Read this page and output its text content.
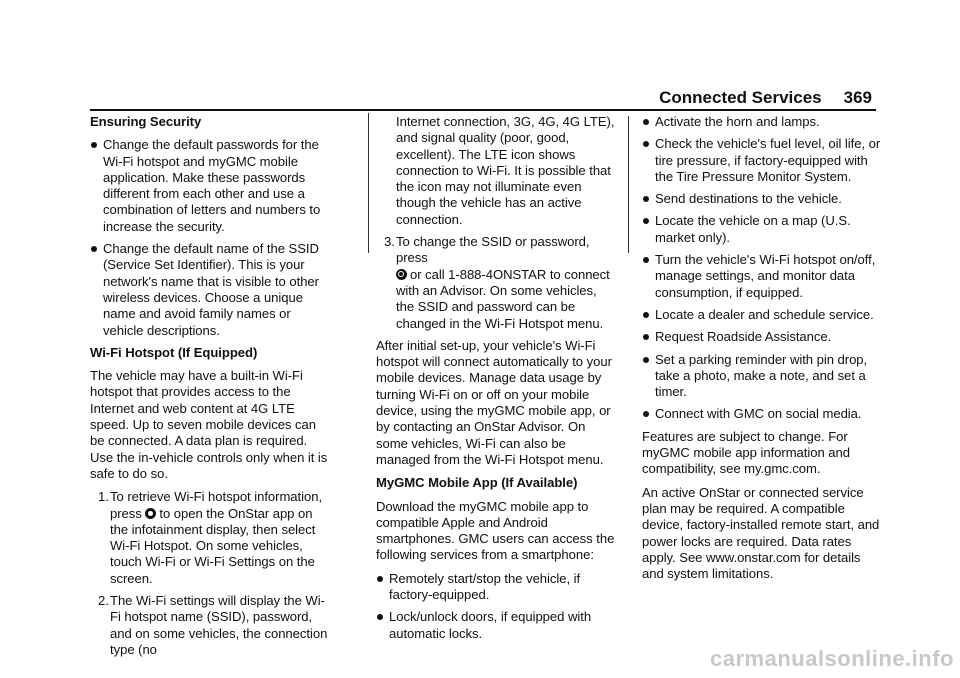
Connected Services 369
Ensuring Security
Change the default passwords for the Wi-Fi hotspot and myGMC mobile application. Make these passwords different from each other and use a combination of letters and numbers to increase the security.
Change the default name of the SSID (Service Set Identifier). This is your network's name that is visible to other wireless devices. Choose a unique name and avoid family names or vehicle descriptions.
Wi-Fi Hotspot (If Equipped)

The vehicle may have a built-in Wi-Fi hotspot that provides access to the Internet and web content at 4G LTE speed. Up to seven mobile devices can be connected. A data plan is required. Use the in-vehicle controls only when it is safe to do so.

1. To retrieve Wi-Fi hotspot information,
press to open the OnStar app on the infotainment display, then select Wi-Fi Hotspot. On some vehicles, touch Wi-Fi or Wi-Fi Settings on the screen.
2. The Wi-Fi settings will display the Wi-Fi hotspot name (SSID), password, and on some vehicles, the connection type (no
Internet connection, 3G, 4G, 4G LTE), and signal quality (poor, good, excellent). The LTE icon shows connection to Wi-Fi. It is possible that the icon may not illuminate even though the vehicle has an active connection.
3. To change the SSID or password, press
or call 1-888-4ONSTAR to connect with an Advisor. On some vehicles, the SSID and password can be changed in the Wi-Fi Hotspot menu.

After initial set-up, your vehicle's Wi-Fi hotspot will connect automatically to your mobile devices. Manage data usage by turning Wi-Fi on or off on your mobile device, using the myGMC mobile app, or by contacting an OnStar Advisor. On some vehicles, Wi-Fi can also be managed from the Wi-Fi Hotspot menu.

MyGMC Mobile App (If Available)

Download the myGMC mobile app to compatible Apple and Android smartphones. GMC users can access the following services from a smartphone:

Remotely start/stop the vehicle, if factory-equipped.
Lock/unlock doors, if equipped with automatic locks.
Activate the horn and lamps.
Check the vehicle's fuel level, oil life, or tire pressure, if factory-equipped with the Tire Pressure Monitor System.
Send destinations to the vehicle.
Locate the vehicle on a map (U.S. market only).
Turn the vehicle's Wi-Fi hotspot on/off, manage settings, and monitor data consumption, if equipped.
Locate a dealer and schedule service.
Request Roadside Assistance.
Set a parking reminder with pin drop, take a photo, make a note, and set a timer.
Connect with GMC on social media.

Features are subject to change. For myGMC mobile app information and compatibility, see my.gmc.com.

An active OnStar or connected service plan may be required. A compatible device, factory-installed remote start, and power locks are required. Data rates apply. See www.onstar.com for details and system limitations.

carmanualsonline.info
